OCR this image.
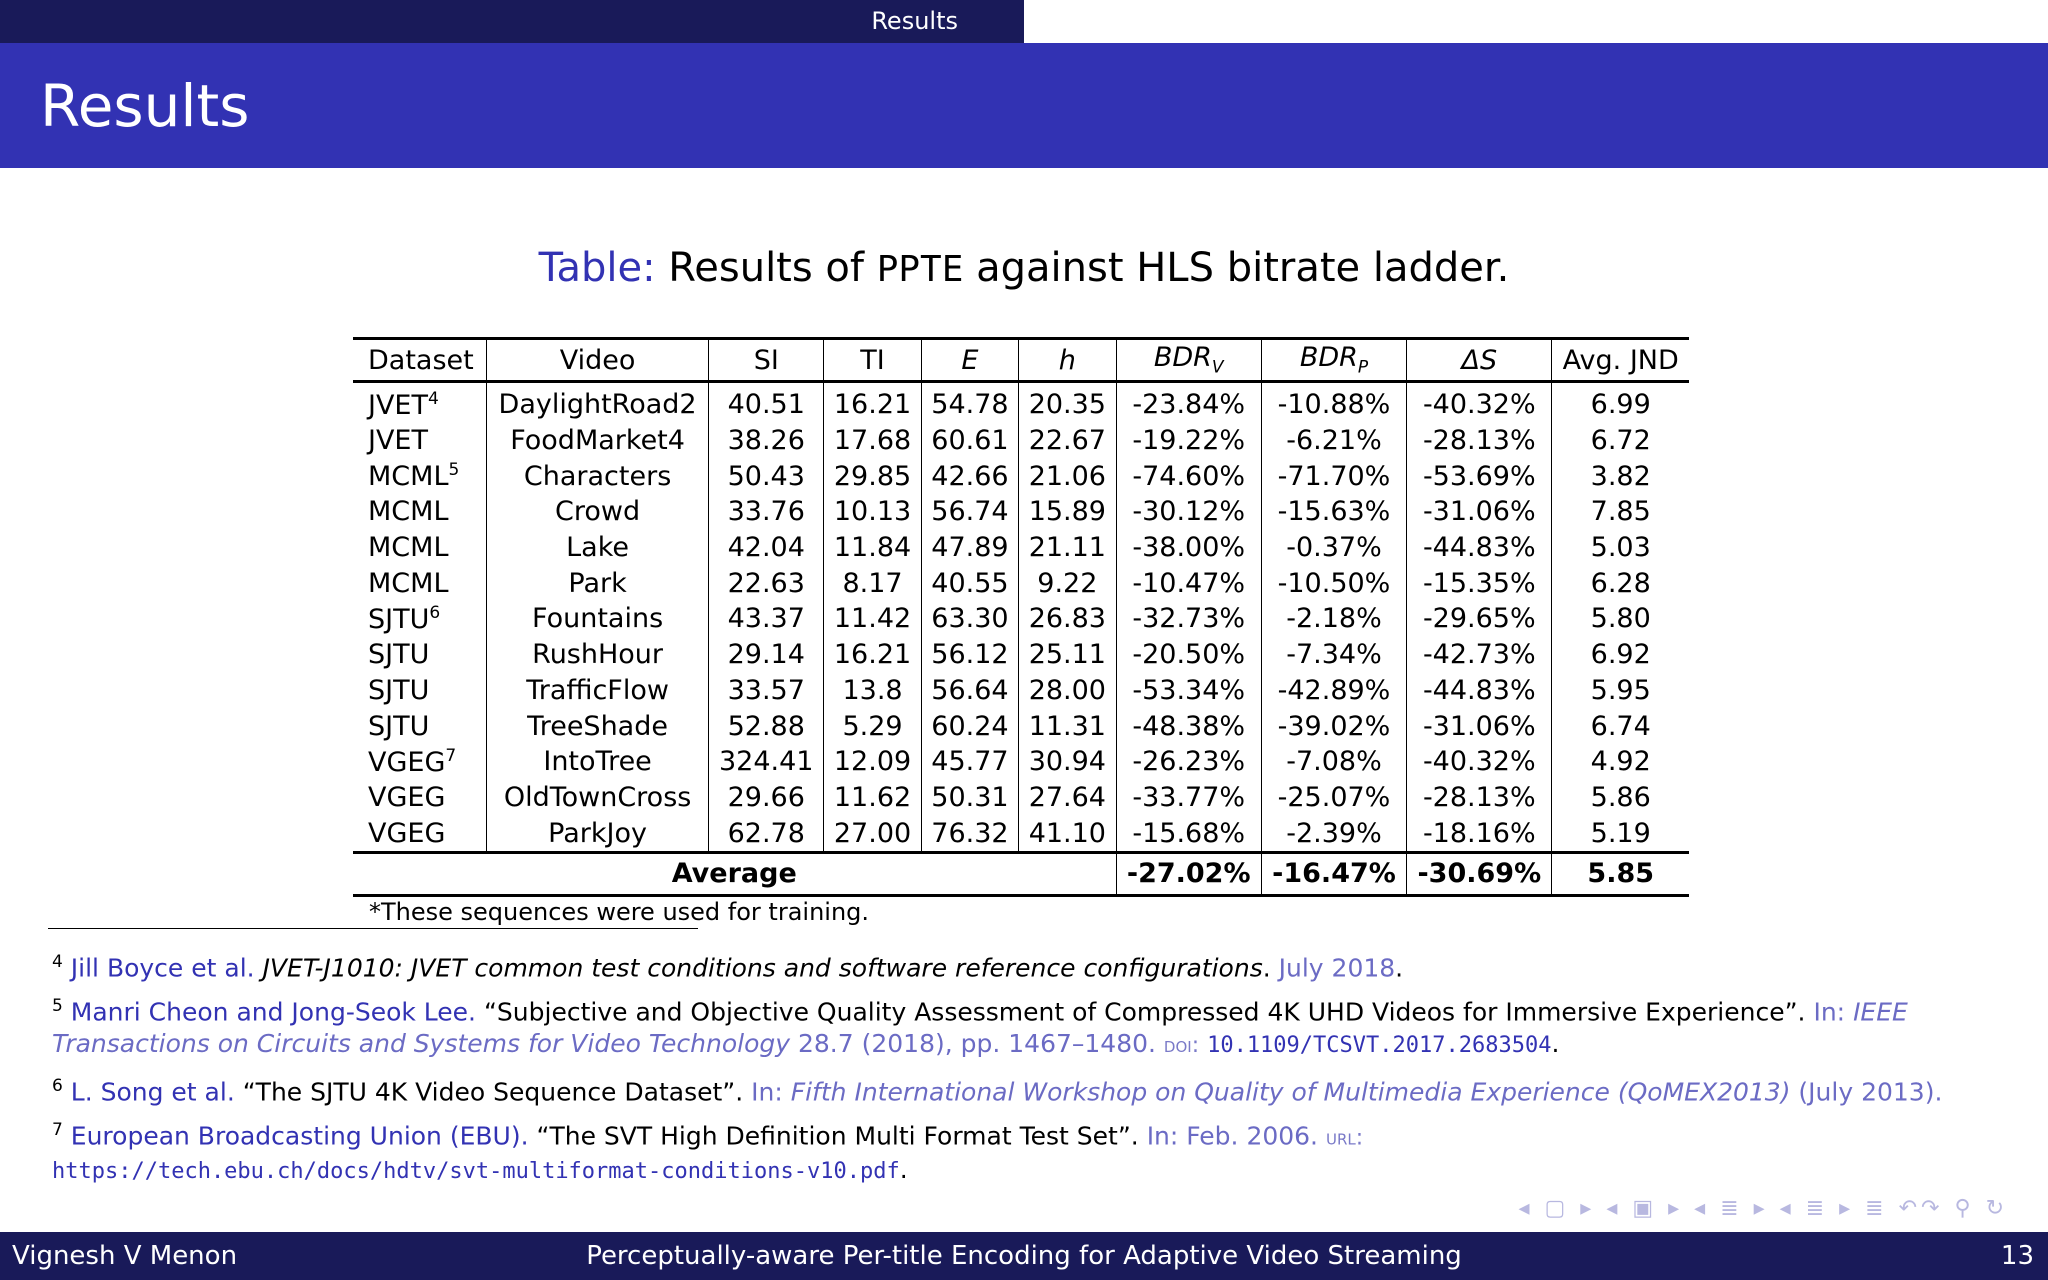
Results
Results
Table: Results of PPTE against HLS bitrate ladder.
Dataset	Video	SI	TI	E	h	$BDR_V$	$BDR_P$	ΔS	Avg. JND
JVET$^4$	DaylightRoad2	40.51	16.21	54.78	20.35	-23.84%	-10.88%	-40.32%	6.99
JVET	FoodMarket4	38.26	17.68	60.61	22.67	-19.22%	-6.21%	-28.13%	6.72
MCML$^5$	Characters	50.43	29.85	42.66	21.06	-74.60%	-71.70%	-53.69%	3.82
MCML	Crowd	33.76	10.13	56.74	15.89	-30.12%	-15.63%	-31.06%	7.85
MCML	Lake	42.04	11.84	47.89	21.11	-38.00%	-0.37%	-44.83%	5.03
MCML	Park	22.63	8.17	40.55	9.22	-10.47%	-10.50%	-15.35%	6.28
SJTU$^6$	Fountains	43.37	11.42	63.30	26.83	-32.73%	-2.18%	-29.65%	5.80
SJTU	RushHour	29.14	16.21	56.12	25.11	-20.50%	-7.34%	-42.73%	6.92
SJTU	TrafficFlow	33.57	13.8	56.64	28.00	-53.34%	-42.89%	-44.83%	5.95
SJTU	TreeShade	52.88	5.29	60.24	11.31	-48.38%	-39.02%	-31.06%	6.74
VGEG$^7$	IntoTree	324.41	12.09	45.77	30.94	-26.23%	-7.08%	-40.32%	4.92
VGEG	OldTownCross	29.66	11.62	50.31	27.64	-33.77%	-25.07%	-28.13%	5.86
VGEG	ParkJoy	62.78	27.00	76.32	41.10	-15.68%	-2.39%	-18.16%	5.19
Average						-27.02%	-16.47%	-30.69%	5.85
*These sequences were used for training.
$^4$ Jill Boyce et al. JVET-J1010: JVET common test conditions and software reference configurations. July 2018.
$^5$ Manri Cheon and Jong-Seok Lee. “Subjective and Objective Quality Assessment of Compressed 4K UHD Videos for Immersive Experience”. In: IEEE Transactions on Circuits and Systems for Video Technology 28.7 (2018), pp. 1467–1480. doi: 10.1109/TCSVT.2017.2683504.
$^6$ L. Song et al. “The SJTU 4K Video Sequence Dataset”. In: Fifth International Workshop on Quality of Multimedia Experience (QoMEX2013) (July 2013).
$^7$ European Broadcasting Union (EBU). “The SVT High Definition Multi Format Test Set”. In: Feb. 2006. url:
https://tech.ebu.ch/docs/hdtv/svt-multiformat-conditions-v10.pdf.
◂ ▢ ▸ ◂ ▣ ▸ ◂ ≣ ▸ ◂ ≣ ▸ ≣ ↶↷ ⚲ ↻
Perceptually-aware Per-title Encoding for Adaptive Video Streaming
Vignesh V Menon	13
